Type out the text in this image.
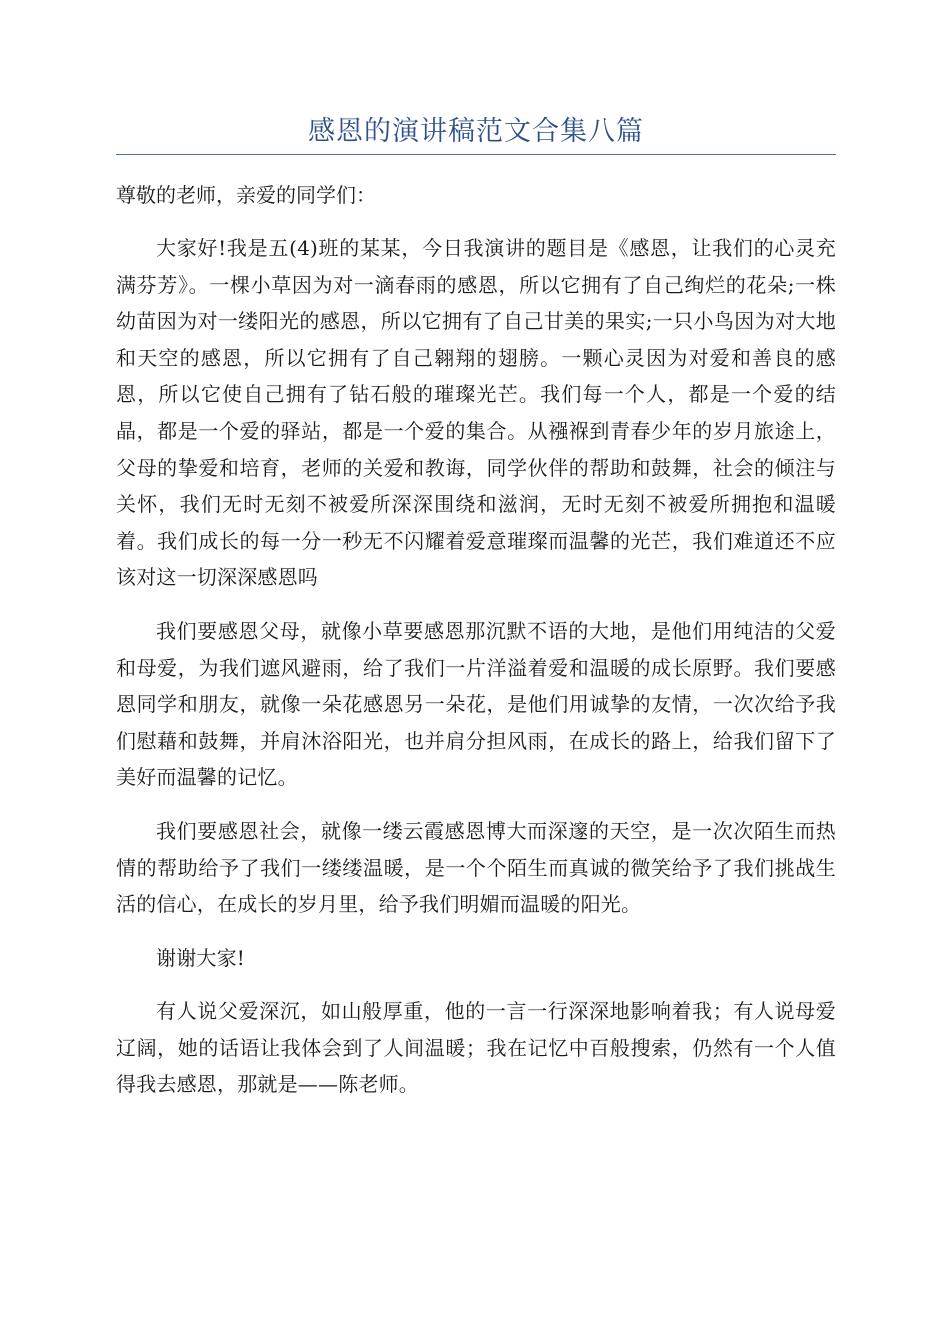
感恩的演讲稿范文合集八篇

尊敬的老师，亲爱的同学们：

大家好!我是五(4)班的某某，今日我演讲的题目是《感恩，让我们的心灵充满芬芳》。一棵小草因为对一滴春雨的感恩，所以它拥有了自己绚烂的花朵;一株幼苗因为对一缕阳光的感恩，所以它拥有了自己甘美的果实;一只小鸟因为对大地和天空的感恩，所以它拥有了自己翱翔的翅膀。一颗心灵因为对爱和善良的感恩，所以它使自己拥有了钻石般的璀璨光芒。我们每一个人，都是一个爱的结晶，都是一个爱的驿站，都是一个爱的集合。从襁褓到青春少年的岁月旅途上，父母的挚爱和培育，老师的关爱和教诲，同学伙伴的帮助和鼓舞，社会的倾注与关怀，我们无时无刻不被爱所深深围绕和滋润，无时无刻不被爱所拥抱和温暖着。我们成长的每一分一秒无不闪耀着爱意璀璨而温馨的光芒，我们难道还不应该对这一切深深感恩吗

我们要感恩父母，就像小草要感恩那沉默不语的大地，是他们用纯洁的父爱和母爱，为我们遮风避雨，给了我们一片洋溢着爱和温暖的成长原野。我们要感恩同学和朋友，就像一朵花感恩另一朵花，是他们用诚挚的友情，一次次给予我们慰藉和鼓舞，并肩沐浴阳光，也并肩分担风雨，在成长的路上，给我们留下了美好而温馨的记忆。

我们要感恩社会，就像一缕云霞感恩博大而深邃的天空，是一次次陌生而热情的帮助给予了我们一缕缕温暖，是一个个陌生而真诚的微笑给予了我们挑战生活的信心，在成长的岁月里，给予我们明媚而温暖的阳光。

谢谢大家!

有人说父爱深沉，如山般厚重，他的一言一行深深地影响着我；有人说母爱辽阔，她的话语让我体会到了人间温暖；我在记忆中百般搜索，仍然有一个人值得我去感恩，那就是——陈老师。
